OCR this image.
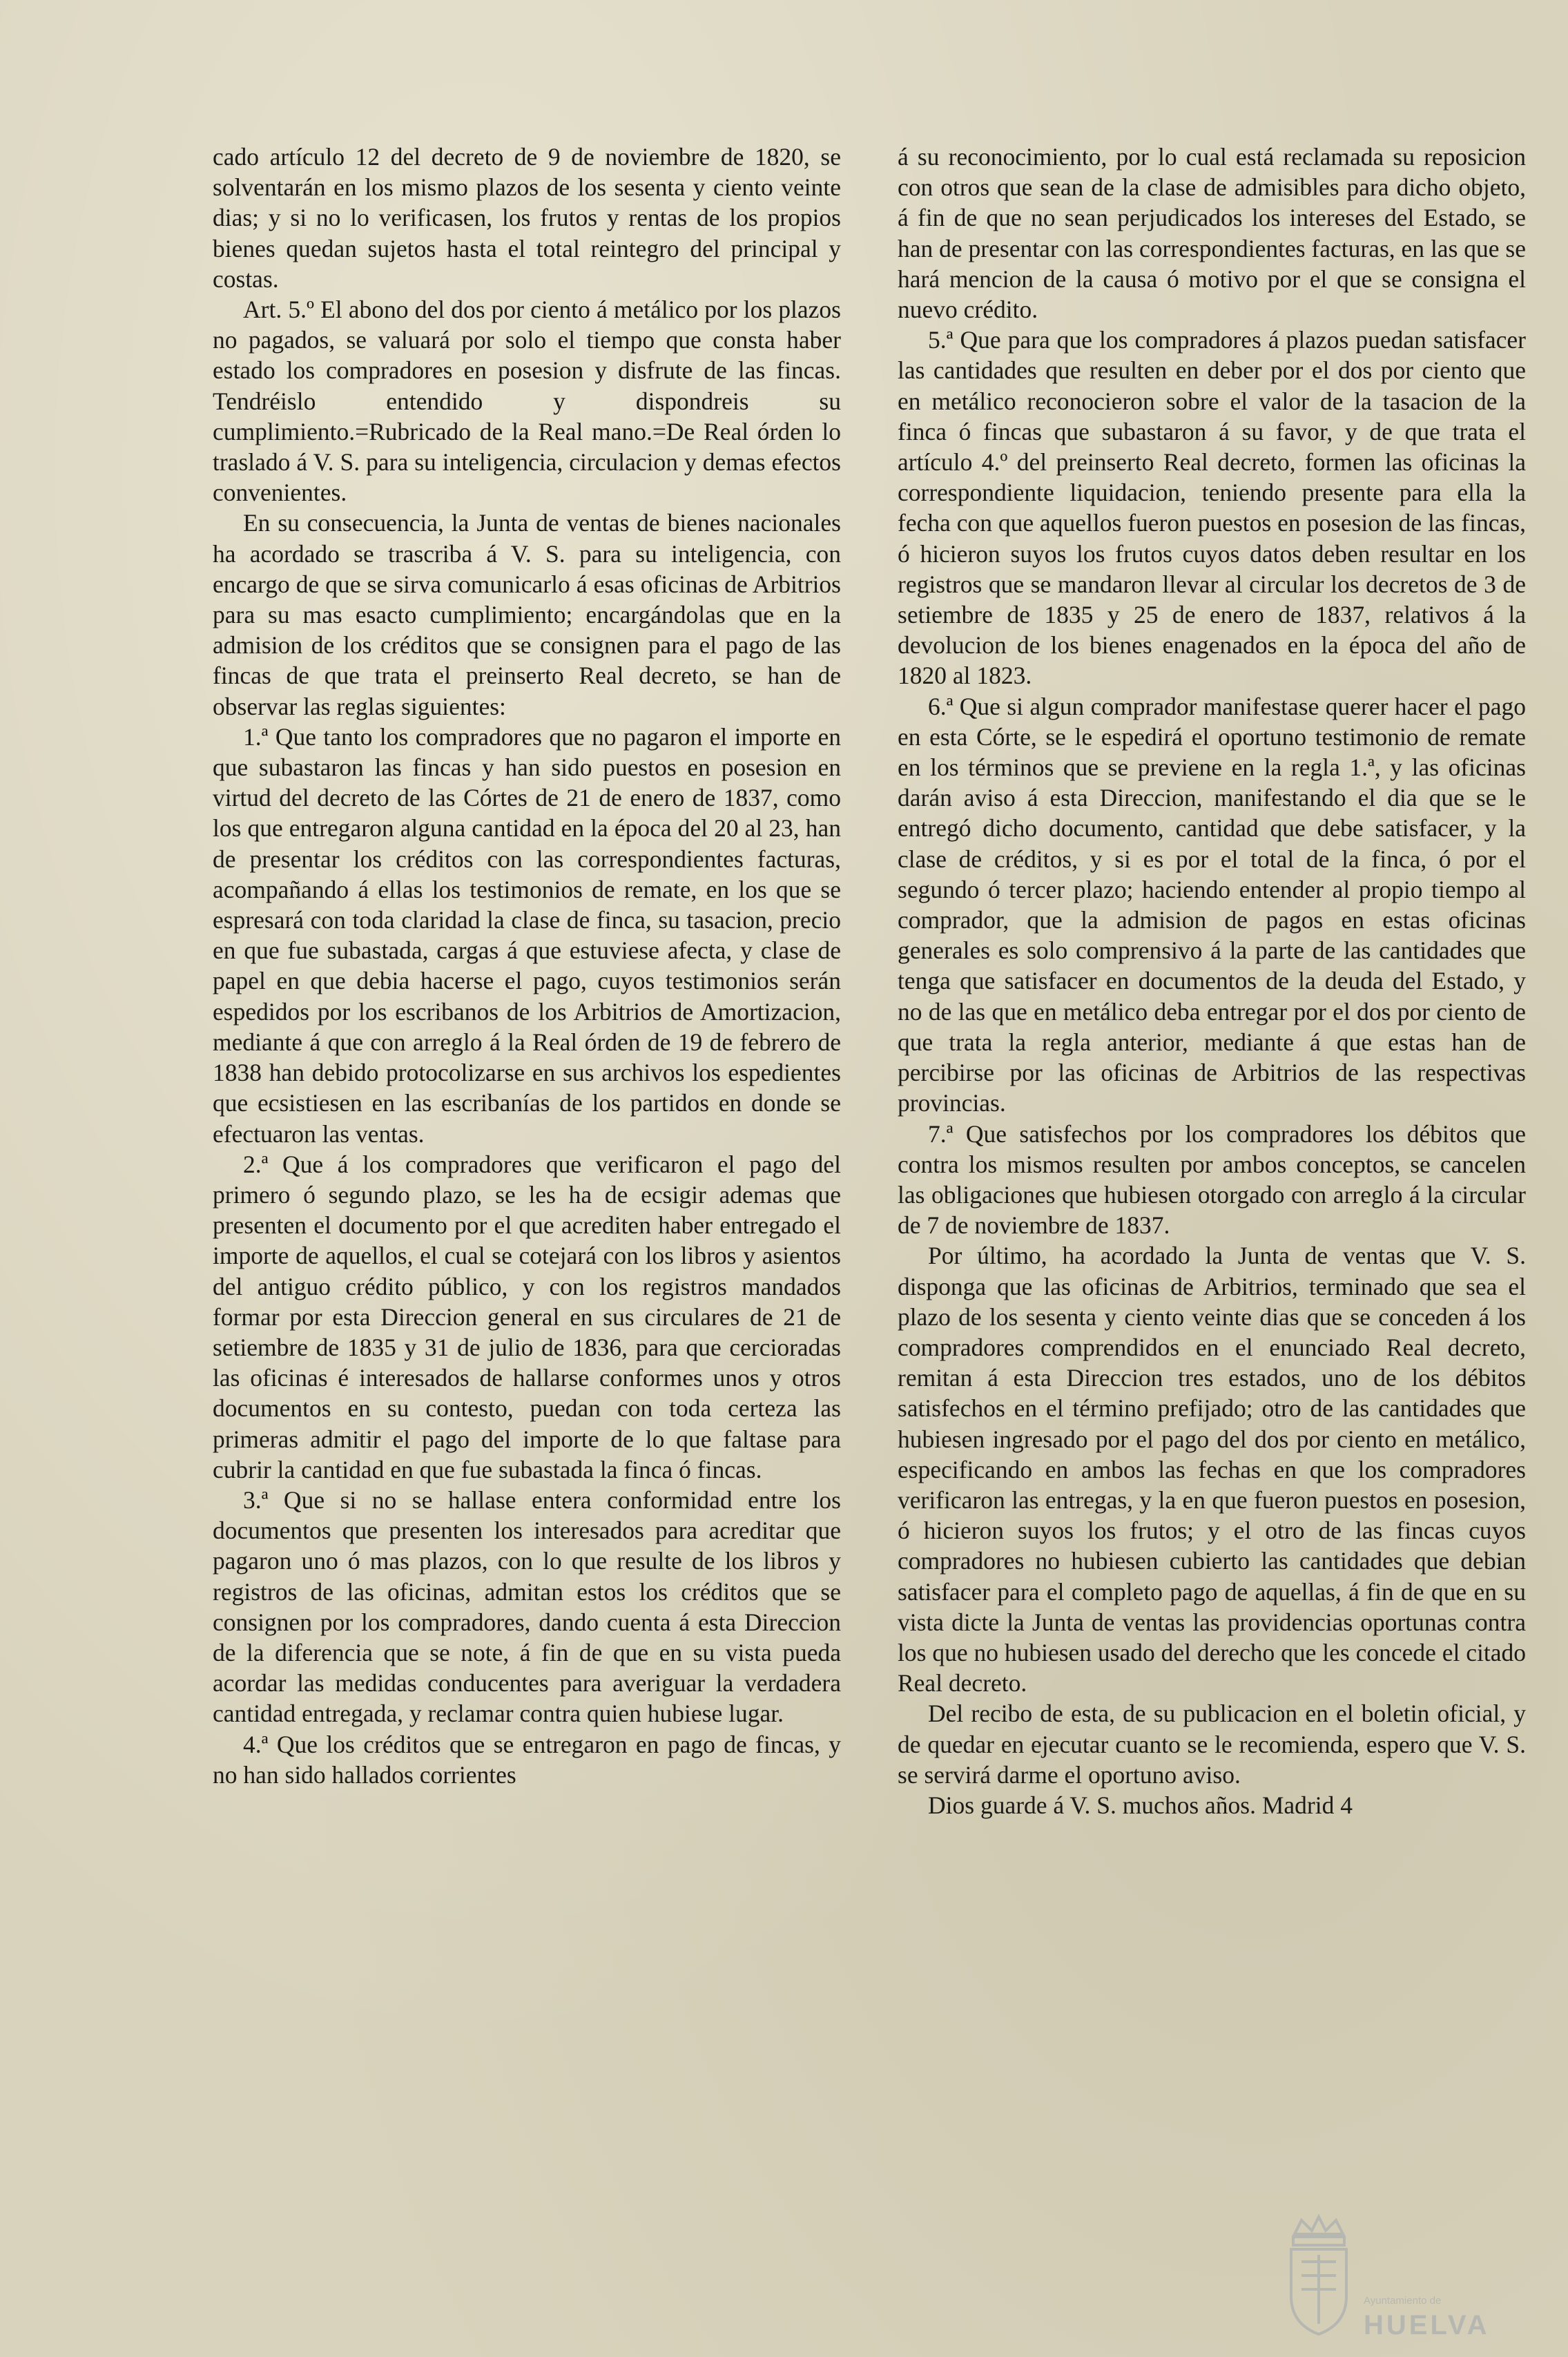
cado artículo 12 del decreto de 9 de noviembre de 1820, se solventarán en los mismo plazos de los sesenta y ciento veinte dias; y si no lo verificasen, los frutos y rentas de los propios bienes quedan sujetos hasta el total reintegro del principal y costas.

Art. 5.º El abono del dos por ciento á metálico por los plazos no pagados, se valuará por solo el tiempo que consta haber estado los compradores en posesion y disfrute de las fincas. Tendréislo entendido y dispondreis su cumplimiento.=Rubricado de la Real mano.=De Real órden lo traslado á V. S. para su inteligencia, circulacion y demas efectos convenientes.

En su consecuencia, la Junta de ventas de bienes nacionales ha acordado se trascriba á V. S. para su inteligencia, con encargo de que se sirva comunicarlo á esas oficinas de Arbitrios para su mas esacto cumplimiento; encargándolas que en la admision de los créditos que se consignen para el pago de las fincas de que trata el preinserto Real decreto, se han de observar las reglas siguientes:

1.ª Que tanto los compradores que no pagaron el importe en que subastaron las fincas y han sido puestos en posesion en virtud del decreto de las Córtes de 21 de enero de 1837, como los que entregaron alguna cantidad en la época del 20 al 23, han de presentar los créditos con las correspondientes facturas, acompañando á ellas los testimonios de remate, en los que se espresará con toda claridad la clase de finca, su tasacion, precio en que fue subastada, cargas á que estuviese afecta, y clase de papel en que debia hacerse el pago, cuyos testimonios serán espedidos por los escribanos de los Arbitrios de Amortizacion, mediante á que con arreglo á la Real órden de 19 de febrero de 1838 han debido protocolizarse en sus archivos los espedientes que ecsistiesen en las escribanías de los partidos en donde se efectuaron las ventas.

2.ª Que á los compradores que verificaron el pago del primero ó segundo plazo, se les ha de ecsigir ademas que presenten el documento por el que acrediten haber entregado el importe de aquellos, el cual se cotejará con los libros y asientos del antiguo crédito público, y con los registros mandados formar por esta Direccion general en sus circulares de 21 de setiembre de 1835 y 31 de julio de 1836, para que cercioradas las oficinas é interesados de hallarse conformes unos y otros documentos en su contesto, puedan con toda certeza las primeras admitir el pago del importe de lo que faltase para cubrir la cantidad en que fue subastada la finca ó fincas.

3.ª Que si no se hallase entera conformidad entre los documentos que presenten los interesados para acreditar que pagaron uno ó mas plazos, con lo que resulte de los libros y registros de las oficinas, admitan estos los créditos que se consignen por los compradores, dando cuenta á esta Direccion de la diferencia que se note, á fin de que en su vista pueda acordar las medidas conducentes para averiguar la verdadera cantidad entregada, y reclamar contra quien hubiese lugar.

4.ª Que los créditos que se entregaron en pago de fincas, y no han sido hallados corrientes

á su reconocimiento, por lo cual está reclamada su reposicion con otros que sean de la clase de admisibles para dicho objeto, á fin de que no sean perjudicados los intereses del Estado, se han de presentar con las correspondientes facturas, en las que se hará mencion de la causa ó motivo por el que se consigna el nuevo crédito.

5.ª Que para que los compradores á plazos puedan satisfacer las cantidades que resulten en deber por el dos por ciento que en metálico reconocieron sobre el valor de la tasacion de la finca ó fincas que subastaron á su favor, y de que trata el artículo 4.º del preinserto Real decreto, formen las oficinas la correspondiente liquidacion, teniendo presente para ella la fecha con que aquellos fueron puestos en posesion de las fincas, ó hicieron suyos los frutos cuyos datos deben resultar en los registros que se mandaron llevar al circular los decretos de 3 de setiembre de 1835 y 25 de enero de 1837, relativos á la devolucion de los bienes enagenados en la época del año de 1820 al 1823.

6.ª Que si algun comprador manifestase querer hacer el pago en esta Córte, se le espedirá el oportuno testimonio de remate en los términos que se previene en la regla 1.ª, y las oficinas darán aviso á esta Direccion, manifestando el dia que se le entregó dicho documento, cantidad que debe satisfacer, y la clase de créditos, y si es por el total de la finca, ó por el segundo ó tercer plazo; haciendo entender al propio tiempo al comprador, que la admision de pagos en estas oficinas generales es solo comprensivo á la parte de las cantidades que tenga que satisfacer en documentos de la deuda del Estado, y no de las que en metálico deba entregar por el dos por ciento de que trata la regla anterior, mediante á que estas han de percibirse por las oficinas de Arbitrios de las respectivas provincias.

7.ª Que satisfechos por los compradores los débitos que contra los mismos resulten por ambos conceptos, se cancelen las obligaciones que hubiesen otorgado con arreglo á la circular de 7 de noviembre de 1837.

Por último, ha acordado la Junta de ventas que V. S. disponga que las oficinas de Arbitrios, terminado que sea el plazo de los sesenta y ciento veinte dias que se conceden á los compradores comprendidos en el enunciado Real decreto, remitan á esta Direccion tres estados, uno de los débitos satisfechos en el término prefijado; otro de las cantidades que hubiesen ingresado por el pago del dos por ciento en metálico, especificando en ambos las fechas en que los compradores verificaron las entregas, y la en que fueron puestos en posesion, ó hicieron suyos los frutos; y el otro de las fincas cuyos compradores no hubiesen cubierto las cantidades que debian satisfacer para el completo pago de aquellas, á fin de que en su vista dicte la Junta de ventas las providencias oportunas contra los que no hubiesen usado del derecho que les concede el citado Real decreto.

Del recibo de esta, de su publicacion en el boletin oficial, y de quedar en ejecutar cuanto se le recomienda, espero que V. S. se servirá darme el oportuno aviso.

Dios guarde á V. S. muchos años. Madrid 4

Ayuntamiento de
HUELVA
